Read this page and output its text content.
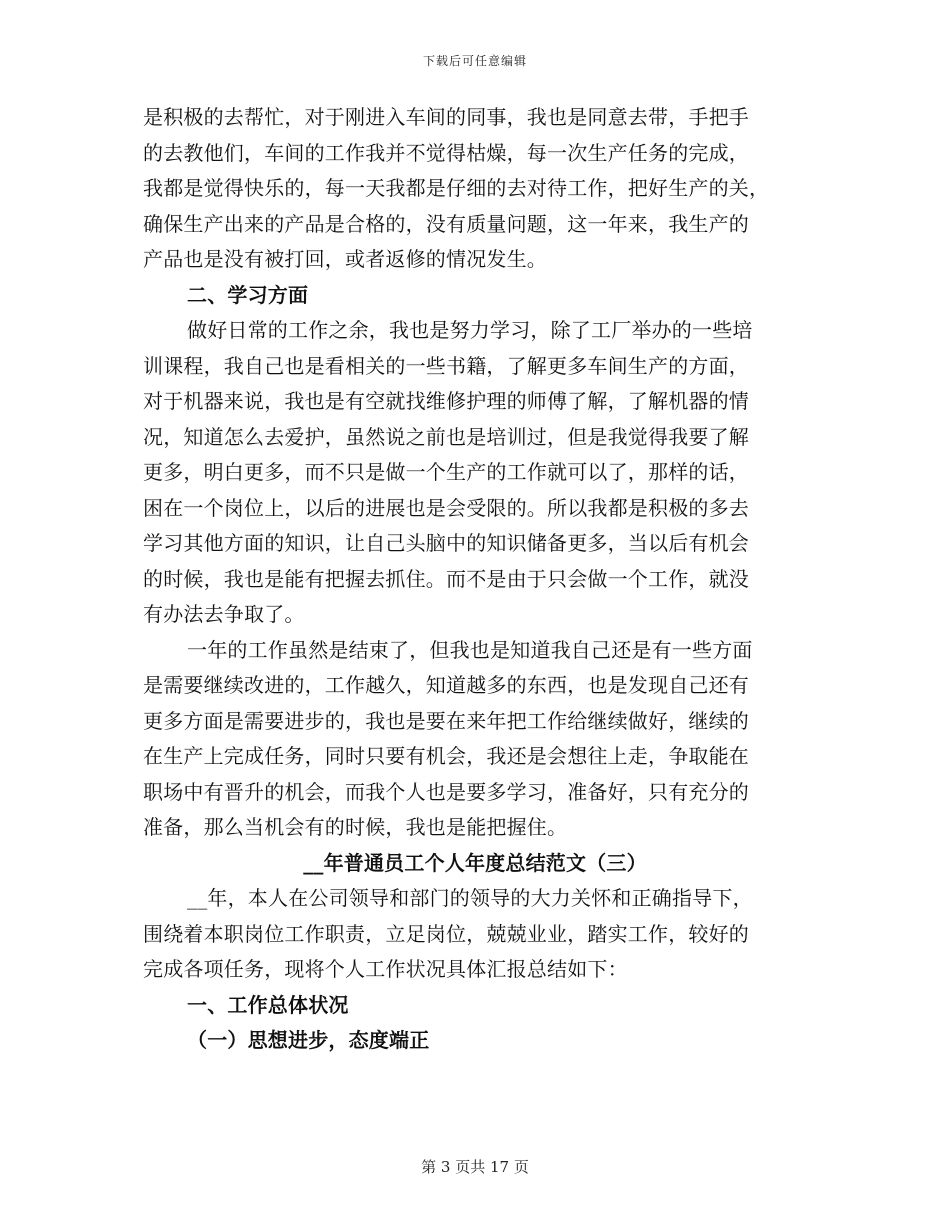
下载后可任意编辑
是积极的去帮忙，对于刚进入车间的同事，我也是同意去带，手把手
的去教他们，车间的工作我并不觉得枯燥，每一次生产任务的完成，
我都是觉得快乐的，每一天我都是仔细的去对待工作，把好生产的关，
确保生产出来的产品是合格的，没有质量问题，这一年来，我生产的
产品也是没有被打回，或者返修的情况发生。
二、学习方面
做好日常的工作之余，我也是努力学习，除了工厂举办的一些培
训课程，我自己也是看相关的一些书籍，了解更多车间生产的方面，
对于机器来说，我也是有空就找维修护理的师傅了解，了解机器的情
况，知道怎么去爱护，虽然说之前也是培训过，但是我觉得我要了解
更多，明白更多，而不只是做一个生产的工作就可以了，那样的话，
困在一个岗位上，以后的进展也是会受限的。所以我都是积极的多去
学习其他方面的知识，让自己头脑中的知识储备更多，当以后有机会
的时候，我也是能有把握去抓住。而不是由于只会做一个工作，就没
有办法去争取了。
一年的工作虽然是结束了，但我也是知道我自己还是有一些方面
是需要继续改进的，工作越久，知道越多的东西，也是发现自己还有
更多方面是需要进步的，我也是要在来年把工作给继续做好，继续的
在生产上完成任务，同时只要有机会，我还是会想往上走，争取能在
职场中有晋升的机会，而我个人也是要多学习，准备好，只有充分的
准备，那么当机会有的时候，我也是能把握住。
__年普通员工个人年度总结范文（三）
__年，本人在公司领导和部门的领导的大力关怀和正确指导下，
围绕着本职岗位工作职责，立足岗位，兢兢业业，踏实工作，较好的
完成各项任务，现将个人工作状况具体汇报总结如下：
一、工作总体状况
（一）思想进步，态度端正
第 3 页共 17 页
